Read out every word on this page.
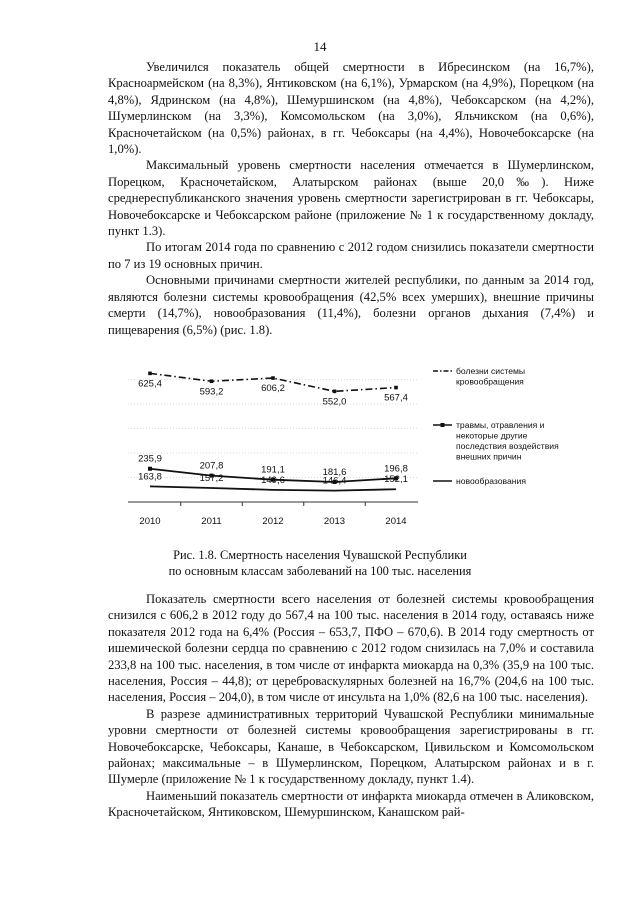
14

Увеличился показатель общей смертности в Ибресинском (на 16,7%), Красноармейском (на 8,3%), Янтиковском (на 6,1%), Урмарском (на 4,9%), Порецком (на 4,8%), Ядринском (на 4,8%), Шемуршинском (на 4,8%), Чебоксарском (на 4,2%), Шумерлинском (на 3,3%), Комсомольском (на 3,0%), Яльчикском (на 0,6%), Красночетайском (на 0,5%) районах, в гг. Чебоксары (на 4,4%), Новочебоксарске (на 1,0%).

Максимальный уровень смертности населения отмечается в Шумерлинском, Порецком, Красночетайском, Алатырском районах (выше 20,0‰). Ниже среднереспубликанского значения уровень смертности зарегистрирован в гг. Чебоксары, Новочебоксарске и Чебоксарском районе (приложение № 1 к государственному докладу, пункт 1.3).

По итогам 2014 года по сравнению с 2012 годом снизились показатели смертности по 7 из 19 основных причин.

Основными причинами смертности жителей республики, по данным за 2014 год, являются болезни системы кровообращения (42,5% всех умерших), внешние причины смерти (14,7%), новообразования (11,4%), болезни органов дыхания (7,4%) и пищеварения (6,5%) (рис. 1.8).

2010	2011	2012	2013	2014
625,4
593,2	606,2
552,0	567,4
235,9
207,8	191,1	181,6	196,8
163,8	157,2	149,6	146,4	152,1
болезни системы
кровообращения
травмы, отравления и
некоторые другие
последствия воздействия
внешних причин
новообразования
Рис. 1.8. Смертность населения Чувашской Республики
по основным классам заболеваний на 100 тыс. населения

Показатель смертности всего населения от болезней системы кровообращения снизился с 606,2 в 2012 году до 567,4 на 100 тыс. населения в 2014 году, оставаясь ниже показателя 2012 года на 6,4% (Россия – 653,7, ПФО – 670,6). В 2014 году смертность от ишемической болезни сердца по сравнению с 2012 годом снизилась на 7,0% и составила 233,8 на 100 тыс. населения, в том числе от инфаркта миокарда на 0,3% (35,9 на 100 тыс. населения, Россия – 44,8); от цереброваскулярных болезней на 16,7% (204,6 на 100 тыс. населения, Россия – 204,0), в том числе от инсульта на 1,0% (82,6 на 100 тыс. населения).

В разрезе административных территорий Чувашской Республики минимальные уровни смертности от болезней системы кровообращения зарегистрированы в гг. Новочебоксарске, Чебоксары, Канаше, в Чебоксарском, Цивильском и Комсомольском районах; максимальные – в Шумерлинском, Порецком, Алатырском районах и в г. Шумерле (приложение № 1 к государственному докладу, пункт 1.4).

Наименьший показатель смертности от инфаркта миокарда отмечен в Аликовском, Красночетайском, Янтиковском, Шемуршинском, Канашском рай-
